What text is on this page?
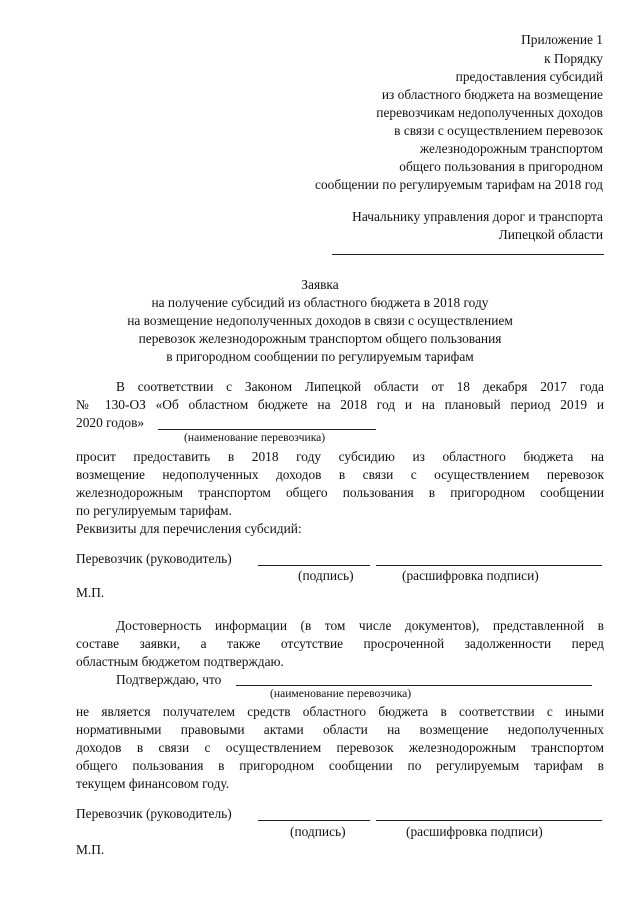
Приложение 1
к Порядку
предоставления субсидий
из областного бюджета на возмещение
перевозчикам недополученных доходов
в связи с осуществлением перевозок
железнодорожным транспортом
общего пользования в пригородном
сообщении по регулируемым тарифам на 2018 год
Начальнику управления дорог и транспорта
Липецкой области
Заявка
на получение субсидий из областного бюджета в 2018 году
на возмещение недополученных доходов в связи с осуществлением
перевозок железнодорожным транспортом общего пользования
в пригородном сообщении по регулируемым тарифам
В соответствии с Законом Липецкой области от 18 декабря 2017 года
№ 130-ОЗ «Об областном бюджете на 2018 год и на плановый период 2019 и
2020 годов»
(наименование перевозчика)
просит предоставить в 2018 году субсидию из областного бюджета на
возмещение недополученных доходов в связи с осуществлением перевозок
железнодорожным транспортом общего пользования в пригородном сообщении
по регулируемым тарифам.
Реквизиты для перечисления субсидий:
Перевозчик (руководитель)
(подпись)	(расшифровка подписи)
М.П.
Достоверность информации (в том числе документов), представленной в
составе заявки, а также отсутствие просроченной задолженности перед
областным бюджетом подтверждаю.
Подтверждаю, что
(наименование перевозчика)
не является получателем средств областного бюджета в соответствии с иными
нормативными правовыми актами области на возмещение недополученных
доходов в связи с осуществлением перевозок железнодорожным транспортом
общего пользования в пригородном сообщении по регулируемым тарифам в
текущем финансовом году.
Перевозчик (руководитель)
(подпись)	(расшифровка подписи)
М.П.
